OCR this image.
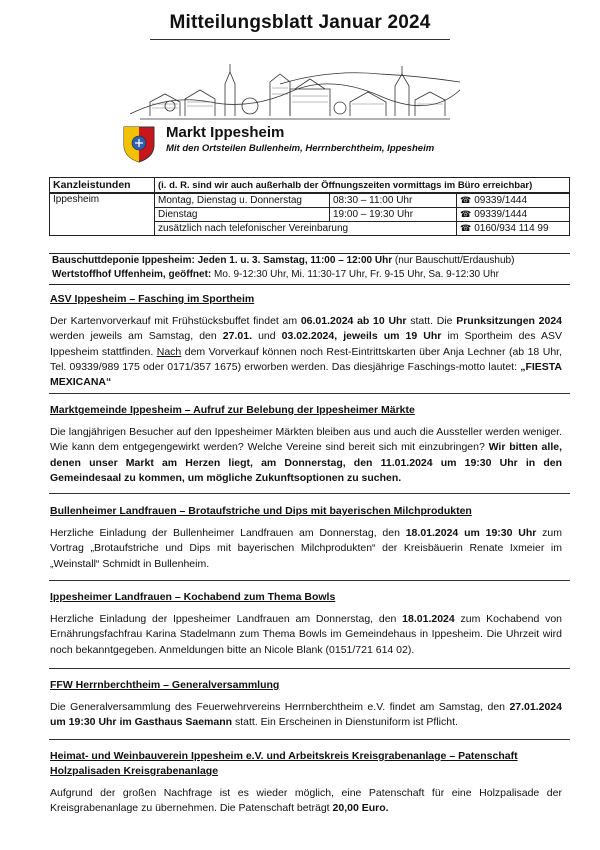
Mitteilungsblatt Januar 2024
Markt Ippesheim
Mit den Ortsteilen Bullenheim, Herrnberchtheim, Ippesheim
Kanzleistunden	(i. d. R. sind wir auch außerhalb der Öffnungszeiten vormittags im Büro erreichbar)		
Ippesheim	Montag, Dienstag u. Donnerstag	08:30 – 11:00 Uhr	☎ 09339/1444
	Dienstag	19:00 – 19:30 Uhr	☎ 09339/1444
	zusätzlich nach telefonischer Vereinbarung		☎ 0160/934 114 99
Bauschuttdeponie Ippesheim: Jeden 1. u. 3. Samstag, 11:00 – 12:00 Uhr (nur Bauschutt/Erdaushub)
Wertstoffhof Uffenheim, geöffnet: Mo. 9-12:30 Uhr, Mi. 11:30-17 Uhr, Fr. 9-15 Uhr, Sa. 9-12:30 Uhr
ASV Ippesheim – Fasching im Sportheim
Der Kartenvorverkauf mit Frühstücksbuffet findet am 06.01.2024 ab 10 Uhr statt. Die Prunksitzungen 2024 werden jeweils am Samstag, den 27.01. und 03.02.2024, jeweils um 19 Uhr im Sportheim des ASV Ippesheim stattfinden. Nach dem Vorverkauf können noch Rest-Eintrittskarten über Anja Lechner (ab 18 Uhr, Tel. 09339/989 175 oder 0171/357 1675) erworben werden. Das diesjährige Faschings-motto lautet: „FIESTA MEXICANA“
Marktgemeinde Ippesheim – Aufruf zur Belebung der Ippesheimer Märkte
Die langjährigen Besucher auf den Ippesheimer Märkten bleiben aus und auch die Aussteller werden weniger. Wie kann dem entgegengewirkt werden? Welche Vereine sind bereit sich mit einzubringen? Wir bitten alle, denen unser Markt am Herzen liegt, am Donnerstag, den 11.01.2024 um 19:30 Uhr in den Gemeindesaal zu kommen, um mögliche Zukunftsoptionen zu suchen.
Bullenheimer Landfrauen – Brotaufstriche und Dips mit bayerischen Milchprodukten
Herzliche Einladung der Bullenheimer Landfrauen am Donnerstag, den 18.01.2024 um 19:30 Uhr zum Vortrag „Brotaufstriche und Dips mit bayerischen Milchprodukten“ der Kreisbäuerin Renate Ixmeier im „Weinstall“ Schmidt in Bullenheim.
Ippesheimer Landfrauen – Kochabend zum Thema Bowls
Herzliche Einladung der Ippesheimer Landfrauen am Donnerstag, den 18.01.2024 zum Kochabend von Ernährungsfachfrau Karina Stadelmann zum Thema Bowls im Gemeindehaus in Ippesheim. Die Uhrzeit wird noch bekanntgegeben. Anmeldungen bitte an Nicole Blank (0151/721 614 02).
FFW Herrnberchtheim – Generalversammlung
Die Generalversammlung des Feuerwehrvereins Herrnberchtheim e.V. findet am Samstag, den 27.01.2024 um 19:30 Uhr im Gasthaus Saemann statt. Ein Erscheinen in Dienstuniform ist Pflicht.
Heimat- und Weinbauverein Ippesheim e.V. und Arbeitskreis Kreisgrabenanlage – Patenschaft
Holzpalisaden Kreisgrabenanlage
Aufgrund der großen Nachfrage ist es wieder möglich, eine Patenschaft für eine Holzpalisade der Kreisgrabenanlage zu übernehmen. Die Patenschaft beträgt 20,00 Euro.
